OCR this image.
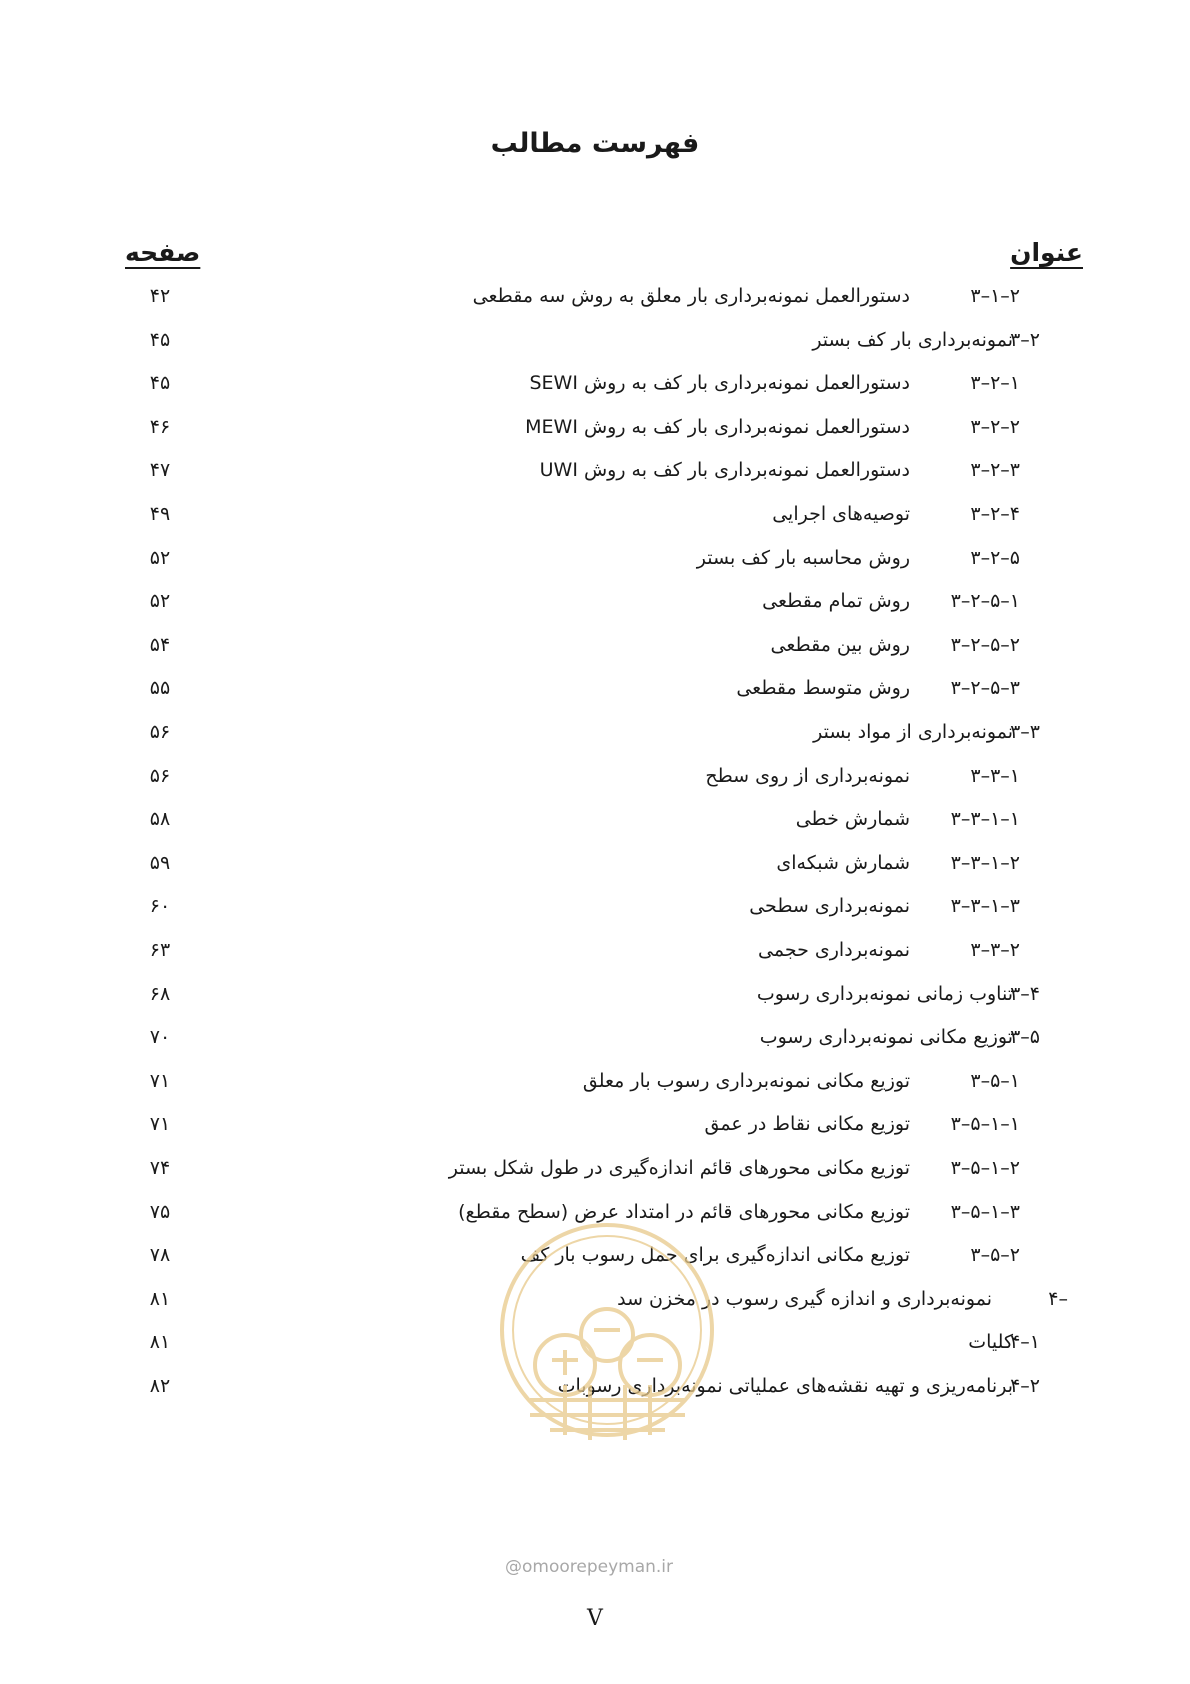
فهرست مطالب
عنوان
صفحه
۳–۱–۲
دستورالعمل نمونه‌برداری بار معلق به روش سه مقطعی
۴۲
۳–۲
نمونه‌برداری بار کف بستر
۴۵
۳–۲–۱
دستورالعمل نمونه‌برداری بار کف به روش SEWI
۴۵
۳–۲–۲
دستورالعمل نمونه‌برداری بار کف به روش MEWI
۴۶
۳–۲–۳
دستورالعمل نمونه‌برداری بار کف به روش UWI
۴۷
۳–۲–۴
توصیه‌های اجرایی
۴۹
۳–۲–۵
روش محاسبه بار کف بستر
۵۲
۳–۲–۵–۱
روش تمام مقطعی
۵۲
۳–۲–۵–۲
روش بین مقطعی
۵۴
۳–۲–۵–۳
روش متوسط مقطعی
۵۵
۳–۳
نمونه‌برداری از مواد بستر
۵۶
۳–۳–۱
نمونه‌برداری از روی سطح
۵۶
۳–۳–۱–۱
شمارش خطی
۵۸
۳–۳–۱–۲
شمارش شبکه‌ای
۵۹
۳–۳–۱–۳
نمونه‌برداری سطحی
۶۰
۳–۳–۲
نمونه‌برداری حجمی
۶۳
۳–۴
تناوب زمانی نمونه‌برداری رسوب
۶۸
۳–۵
توزیع مکانی نمونه‌برداری رسوب
۷۰
۳–۵–۱
توزیع مکانی نمونه‌برداری رسوب بار معلق
۷۱
۳–۵–۱–۱
توزیع مکانی نقاط در عمق
۷۱
۳–۵–۱–۲
توزیع مکانی محورهای قائم اندازه‌گیری در طول شکل بستر
۷۴
۳–۵–۱–۳
توزیع مکانی محورهای قائم در امتداد عرض (سطح مقطع)
۷۵
۳–۵–۲
توزیع مکانی اندازه‌گیری برای حمل رسوب بار کف
۷۸
۴–
نمونه‌برداری و اندازه گیری رسوب در مخزن سد
۸۱
۴–۱
کلیات
۸۱
۴–۲
برنامه‌ریزی و تهیه نقشه‌های عملیاتی نمونه‌برداری رسوبات
۸۲
@omoorepeyman.ir
V
